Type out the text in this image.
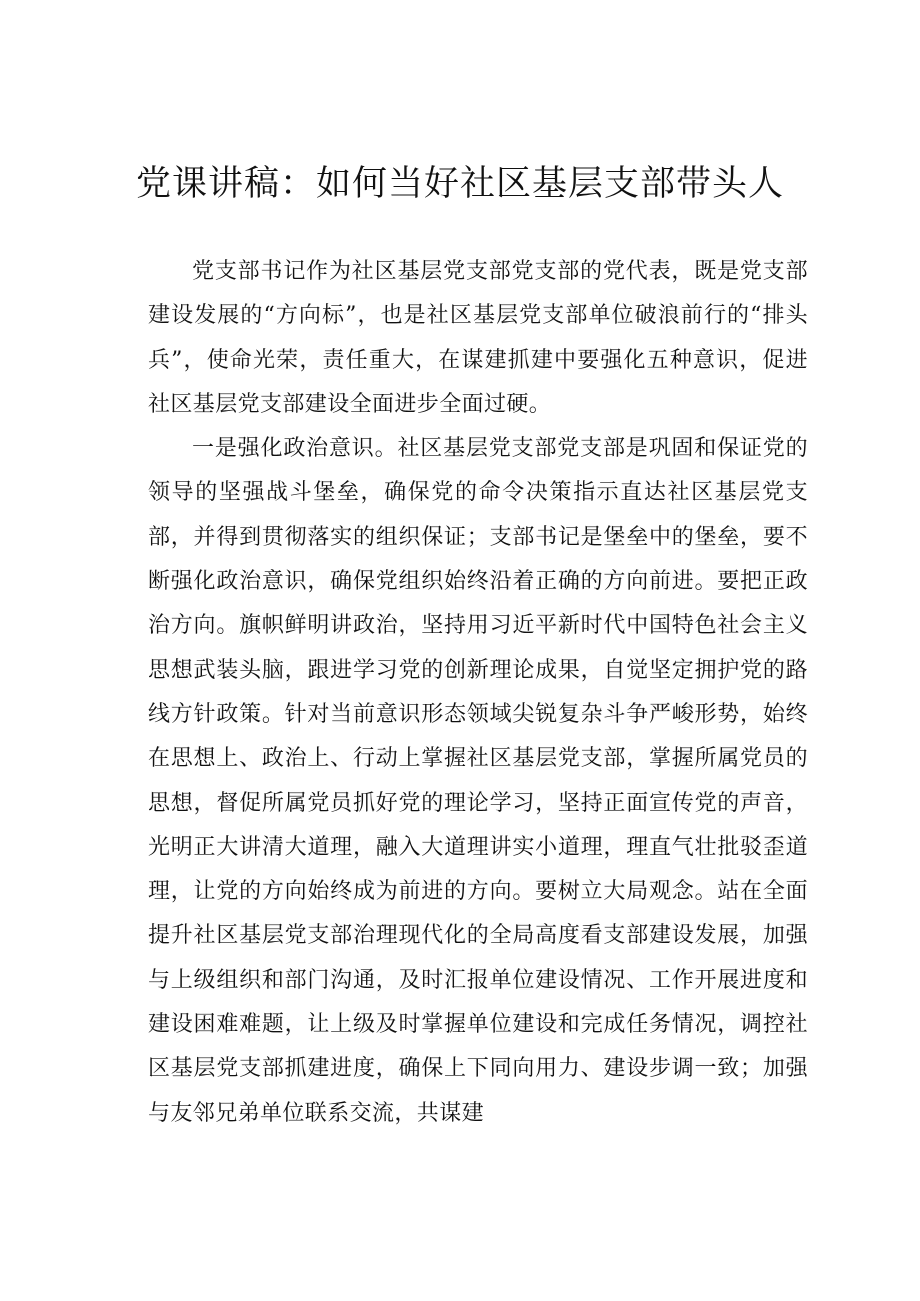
党课讲稿：如何当好社区基层支部带头人

党支部书记作为社区基层党支部党支部的党代表，既是党支部建设发展的“方向标”，也是社区基层党支部单位破浪前行的“排头兵”，使命光荣，责任重大，在谋建抓建中要强化五种意识，促进社区基层党支部建设全面进步全面过硬。

一是强化政治意识。社区基层党支部党支部是巩固和保证党的领导的坚强战斗堡垒，确保党的命令决策指示直达社区基层党支部，并得到贯彻落实的组织保证；支部书记是堡垒中的堡垒，要不断强化政治意识，确保党组织始终沿着正确的方向前进。要把正政治方向。旗帜鲜明讲政治，坚持用习近平新时代中国特色社会主义思想武装头脑，跟进学习党的创新理论成果，自觉坚定拥护党的路线方针政策。针对当前意识形态领域尖锐复杂斗争严峻形势，始终在思想上、政治上、行动上掌握社区基层党支部，掌握所属党员的思想，督促所属党员抓好党的理论学习，坚持正面宣传党的声音，光明正大讲清大道理，融入大道理讲实小道理，理直气壮批驳歪道理，让党的方向始终成为前进的方向。要树立大局观念。站在全面提升社区基层党支部治理现代化的全局高度看支部建设发展，加强与上级组织和部门沟通，及时汇报单位建设情况、工作开展进度和建设困难难题，让上级及时掌握单位建设和完成任务情况，调控社区基层党支部抓建进度，确保上下同向用力、建设步调一致；加强与友邻兄弟单位联系交流，共谋建
